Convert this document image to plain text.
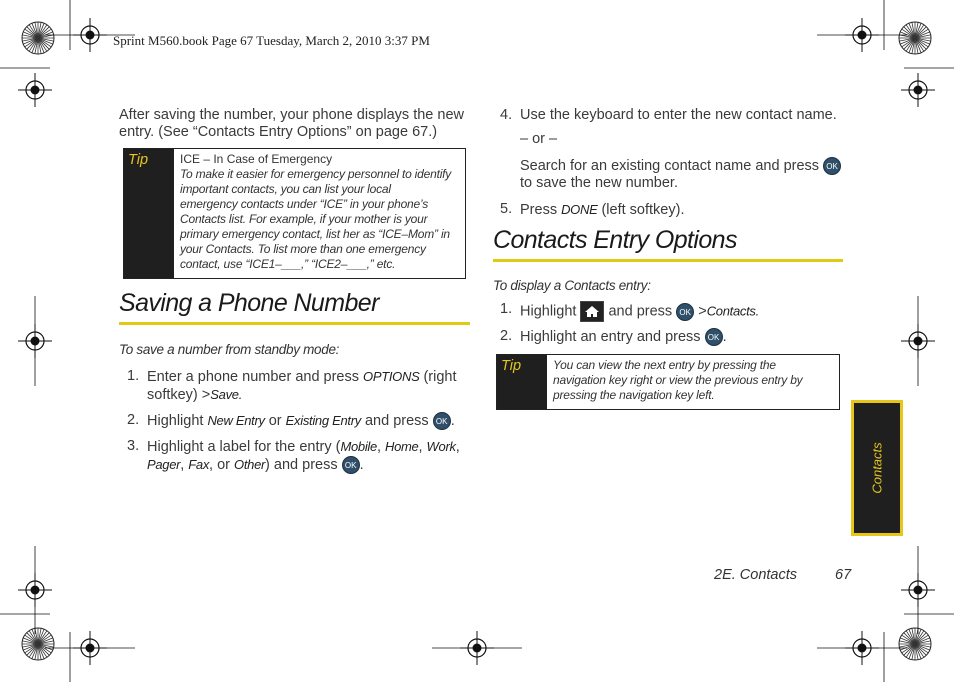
Sprint M560.book Page 67 Tuesday, March 2, 2010 3:37 PM
After saving the number, your phone displays the new
entry. (See “Contacts Entry Options” on page 67.)
Tip	ICE – In Case of Emergency
To make it easier for emergency personnel to identify
important contacts, you can list your local
emergency contacts under “ICE” in your phone’s
Contacts list. For example, if your mother is your
primary emergency contact, list her as “ICE–Mom” in
your Contacts. To list more than one emergency
contact, use “ICE1–___,” “ICE2–___,” etc.
Saving a Phone Number
To save a number from standby mode:
1. Enter a phone number and press OPTIONS (right
softkey) >Save.
2. Highlight New Entry or Existing Entry and press OK .
3. Highlight a label for the entry (Mobile, Home, Work,
Pager, Fax, or Other) and press OK .
4. Use the keyboard to enter the new contact name.
– or –
Search for an existing contact name and press OK
to save the new number.
5. Press DONE (left softkey).
Contacts Entry Options
To display a Contacts entry:
1. Highlight
and press OK >Contacts.
2. Highlight an entry and press OK .
Tip	You can view the next entry by pressing the
navigation key right or view the previous entry by
pressing the navigation key left.
Contacts
2E. Contacts	67
